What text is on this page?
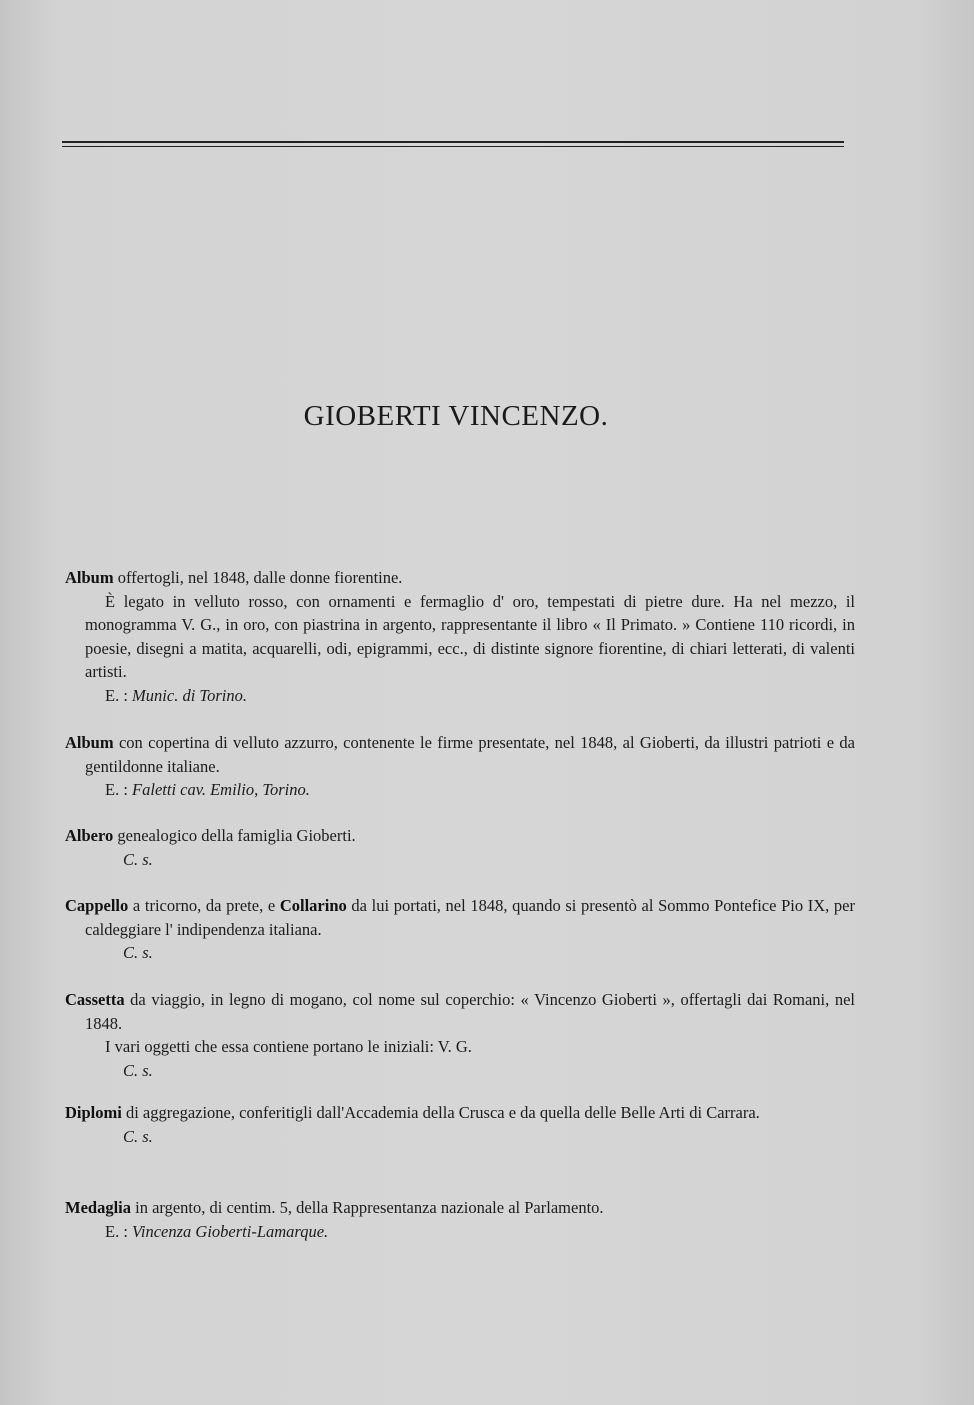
GIOBERTI VINCENZO.

Album offertogli, nel 1848, dalle donne fiorentine.

È legato in velluto rosso, con ornamenti e fermaglio d' oro, tempestati di pietre dure. Ha nel mezzo, il monogramma V. G., in oro, con piastrina in argento, rappresentante il libro « Il Primato. » Contiene 110 ricordi, in poesie, disegni a matita, acquarelli, odi, epigrammi, ecc., di distinte signore fiorentine, di chiari letterati, di valenti artisti.

E. : Munic. di Torino.

Album con copertina di velluto azzurro, contenente le firme presentate, nel 1848, al Gioberti, da illustri patrioti e da gentildonne italiane.

E. : Faletti cav. Emilio, Torino.

Albero genealogico della famiglia Gioberti.

C. s.

Cappello a tricorno, da prete, e Collarino da lui portati, nel 1848, quando si presentò al Sommo Pontefice Pio IX, per caldeggiare l' indipendenza italiana.

C. s.

Cassetta da viaggio, in legno di mogano, col nome sul coperchio: « Vincenzo Gioberti », offertagli dai Romani, nel 1848.

I vari oggetti che essa contiene portano le iniziali: V. G.

C. s.

Diplomi di aggregazione, conferitigli dall'Accademia della Crusca e da quella delle Belle Arti di Carrara.

C. s.

Medaglia in argento, di centim. 5, della Rappresentanza nazionale al Parlamento.

E. : Vincenza Gioberti-Lamarque.
